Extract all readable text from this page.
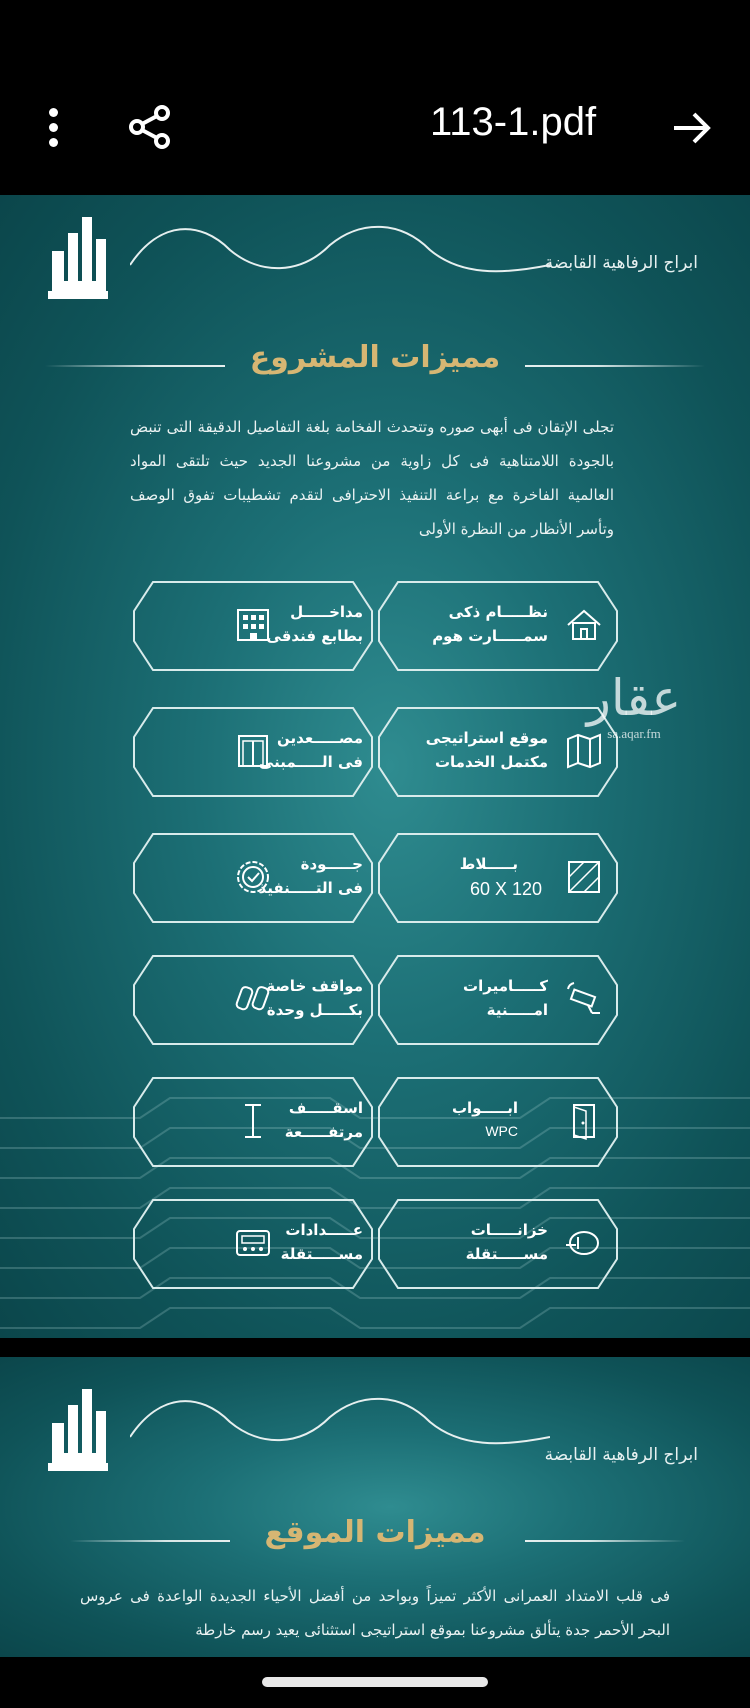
113-1.pdf
ابراج الرفاهية القابضة
مميزات المشروع
تجلى الإتقان فى أبهى صوره وتتحدث الفخامة بلغة التفاصيل الدقيقة التى تنبض بالجودة اللامتناهية فى كل زاوية من مشروعنا الجديد حيث تلتقى المواد العالمية الفاخرة مع براعة التنفيذ الاحترافى لتقدم تشطيبات تفوق الوصف وتأسر الأنظار من النظرة الأولى
نظـــــام ذكى
سمـــــارت هوم
مداخـــــل
بطابع فندقى
موقع استراتيجى
مكتمل الخدمات
مصـــــعدين
فى الـــــمبنى
بـــــلاط
60 X 120
جـــــودة
فى التـــــنفيذ
كـــــاميرات
امـــــنية
مواقف خاصة
بكـــــل وحدة
ابـــــواب
WPC
اسقـــــف
مرتفـــــعة
خزانـــــات
مســـــتقلة
عـــــدادات
مســـــتقلة
عقار
sa.aqar.fm
ابراج الرفاهية القابضة
مميزات الموقع
فى قلب الامتداد العمرانى الأكثر تميزاً وبواحد من أفضل الأحياء الجديدة الواعدة فى عروس البحر الأحمر جدة يتألق مشروعنا بموقع استراتيجى استثنائى يعيد رسم خارطة
